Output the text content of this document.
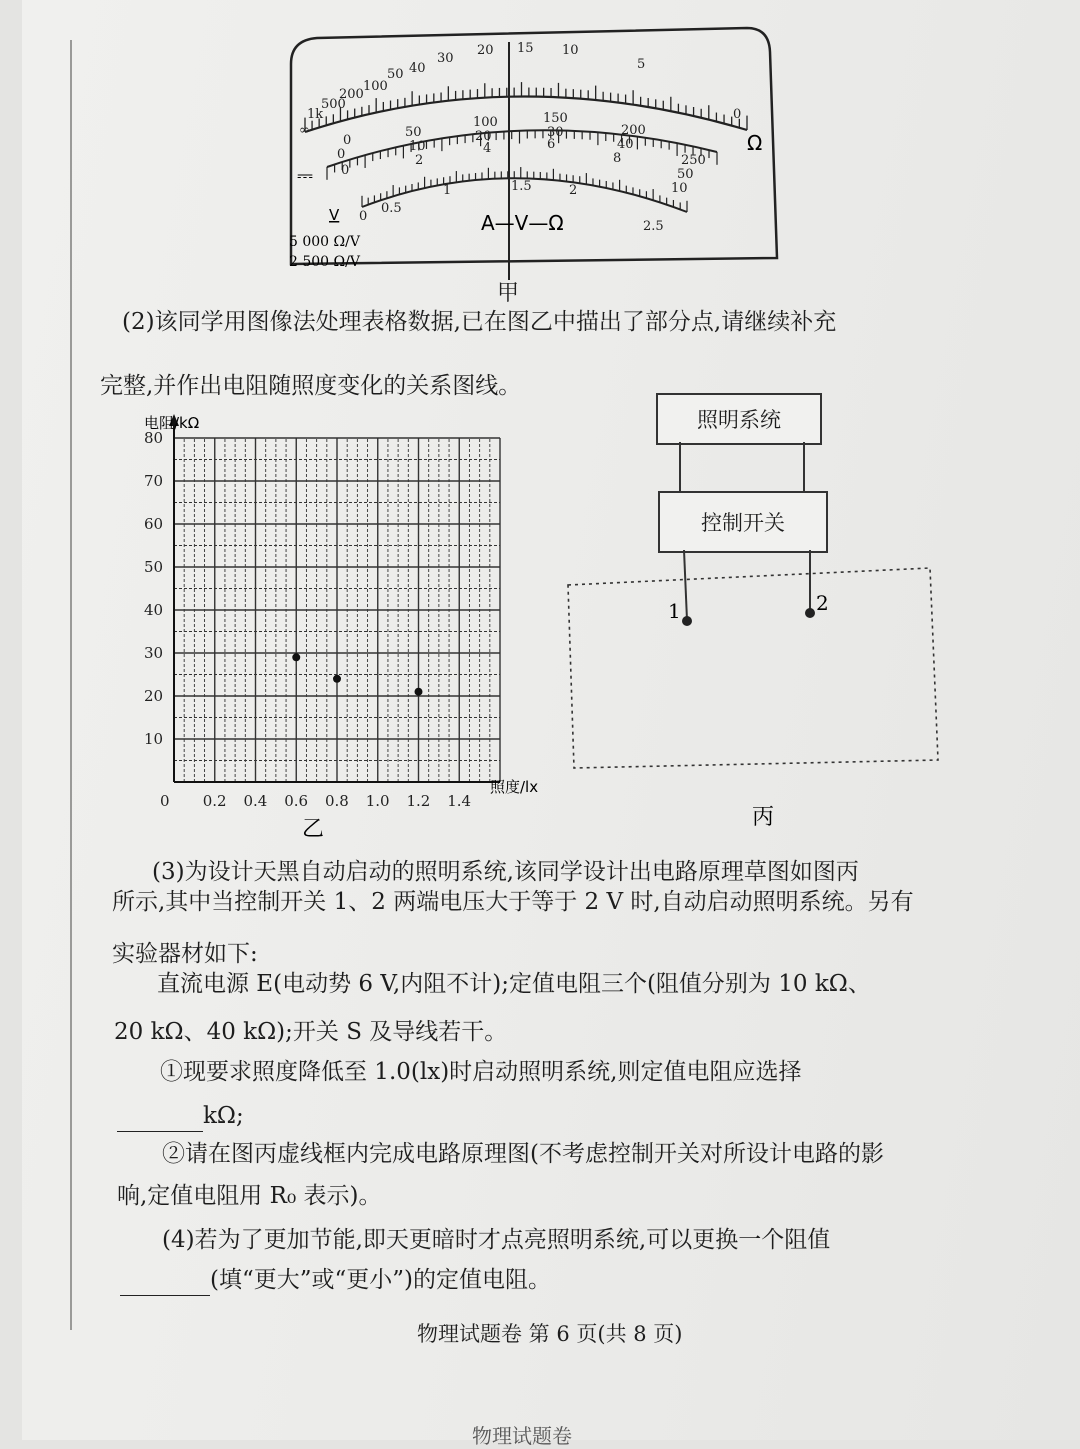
Ω
⎓
V	A—V—Ω
5 000 Ω/V
2 500 Ω/V
∞
1k
500
200
100
50 40
30
20 15 10
5
0
0
50
100	150
200
250
0
10
20	30
40
50
0
2
4	6
8
10
0
0.5
1	1.5	2
2.5
甲
(2)该同学用图像法处理表格数据,已在图乙中描出了部分点,请继续补充
完整,并作出电阻随照度变化的关系图线。
10
20
30
40
50
60
70
80
0 0.2 0.4 0.6 0.8 1.0 1.2 1.4
电阻/kΩ
照度/lx
乙
照明系统
控制开关
1	2
丙
(3)为设计天黑自动启动的照明系统,该同学设计出电路原理草图如图丙
所示,其中当控制开关 1、2 两端电压大于等于 2 V 时,自动启动照明系统。另有
实验器材如下:
直流电源 E(电动势 6 V,内阻不计);定值电阻三个(阻值分别为 10 kΩ、
20 kΩ、40 kΩ);开关 S 及导线若干。
①现要求照度降低至 1.0(lx)时启动照明系统,则定值电阻应选择
kΩ;
②请在图丙虚线框内完成电路原理图(不考虑控制开关对所设计电路的影
响,定值电阻用 R₀ 表示)。
(4)若为了更加节能,即天更暗时才点亮照明系统,可以更换一个阻值
(填“更大”或“更小”)的定值电阻。
物理试题卷 第 6 页(共 8 页)
物理试题卷
